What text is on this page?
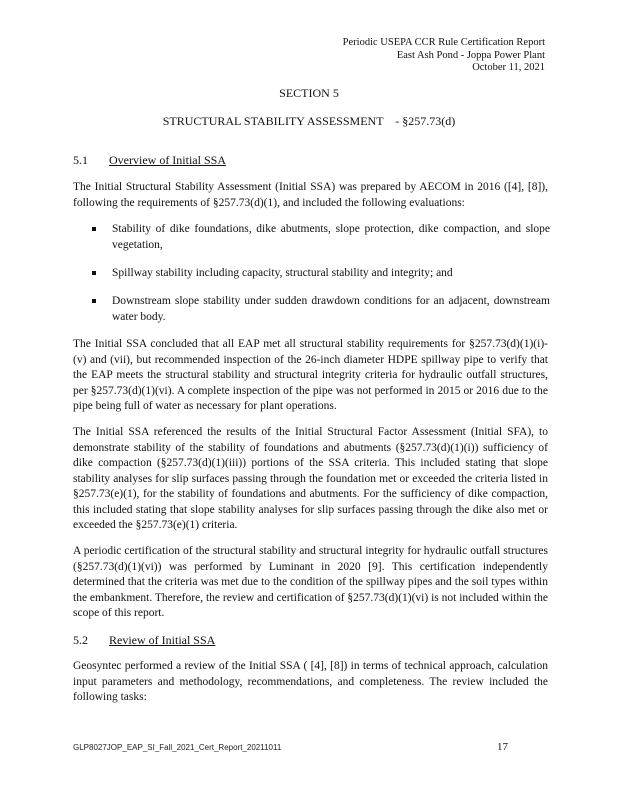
Periodic USEPA CCR Rule Certification Report
East Ash Pond - Joppa Power Plant
October 11, 2021
SECTION 5
STRUCTURAL STABILITY ASSESSMENT    - §257.73(d)
5.1 Overview of Initial SSA

The Initial Structural Stability Assessment (Initial SSA) was prepared by AECOM in 2016 ([4], [8]), following the requirements of §257.73(d)(1), and included the following evaluations:

Stability of dike foundations, dike abutments, slope protection, dike compaction, and slope vegetation,
Spillway stability including capacity, structural stability and integrity; and
Downstream slope stability under sudden drawdown conditions for an adjacent, downstream water body.

The Initial SSA concluded that all EAP met all structural stability requirements for §257.73(d)(1)(i)-(v) and (vii), but recommended inspection of the 26-inch diameter HDPE spillway pipe to verify that the EAP meets the structural stability and structural integrity criteria for hydraulic outfall structures, per §257.73(d)(1)(vi). A complete inspection of the pipe was not performed in 2015 or 2016 due to the pipe being full of water as necessary for plant operations.

The Initial SSA referenced the results of the Initial Structural Factor Assessment (Initial SFA), to demonstrate stability of the stability of foundations and abutments (§257.73(d)(1)(i)) sufficiency of dike compaction (§257.73(d)(1)(iii)) portions of the SSA criteria. This included stating that slope stability analyses for slip surfaces passing through the foundation met or exceeded the criteria listed in §257.73(e)(1), for the stability of foundations and abutments. For the sufficiency of dike compaction, this included stating that slope stability analyses for slip surfaces passing through the dike also met or exceeded the §257.73(e)(1) criteria.

A periodic certification of the structural stability and structural integrity for hydraulic outfall structures (§257.73(d)(1)(vi)) was performed by Luminant in 2020 [9]. This certification independently determined that the criteria was met due to the condition of the spillway pipes and the soil types within the embankment. Therefore, the review and certification of §257.73(d)(1)(vi) is not included within the scope of this report.

5.2 Review of Initial SSA

Geosyntec performed a review of the Initial SSA ( [4], [8]) in terms of technical approach, calculation input parameters and methodology, recommendations, and completeness. The review included the following tasks:

GLP8027JOP_EAP_SI_Fall_2021_Cert_Report_20211011	17
